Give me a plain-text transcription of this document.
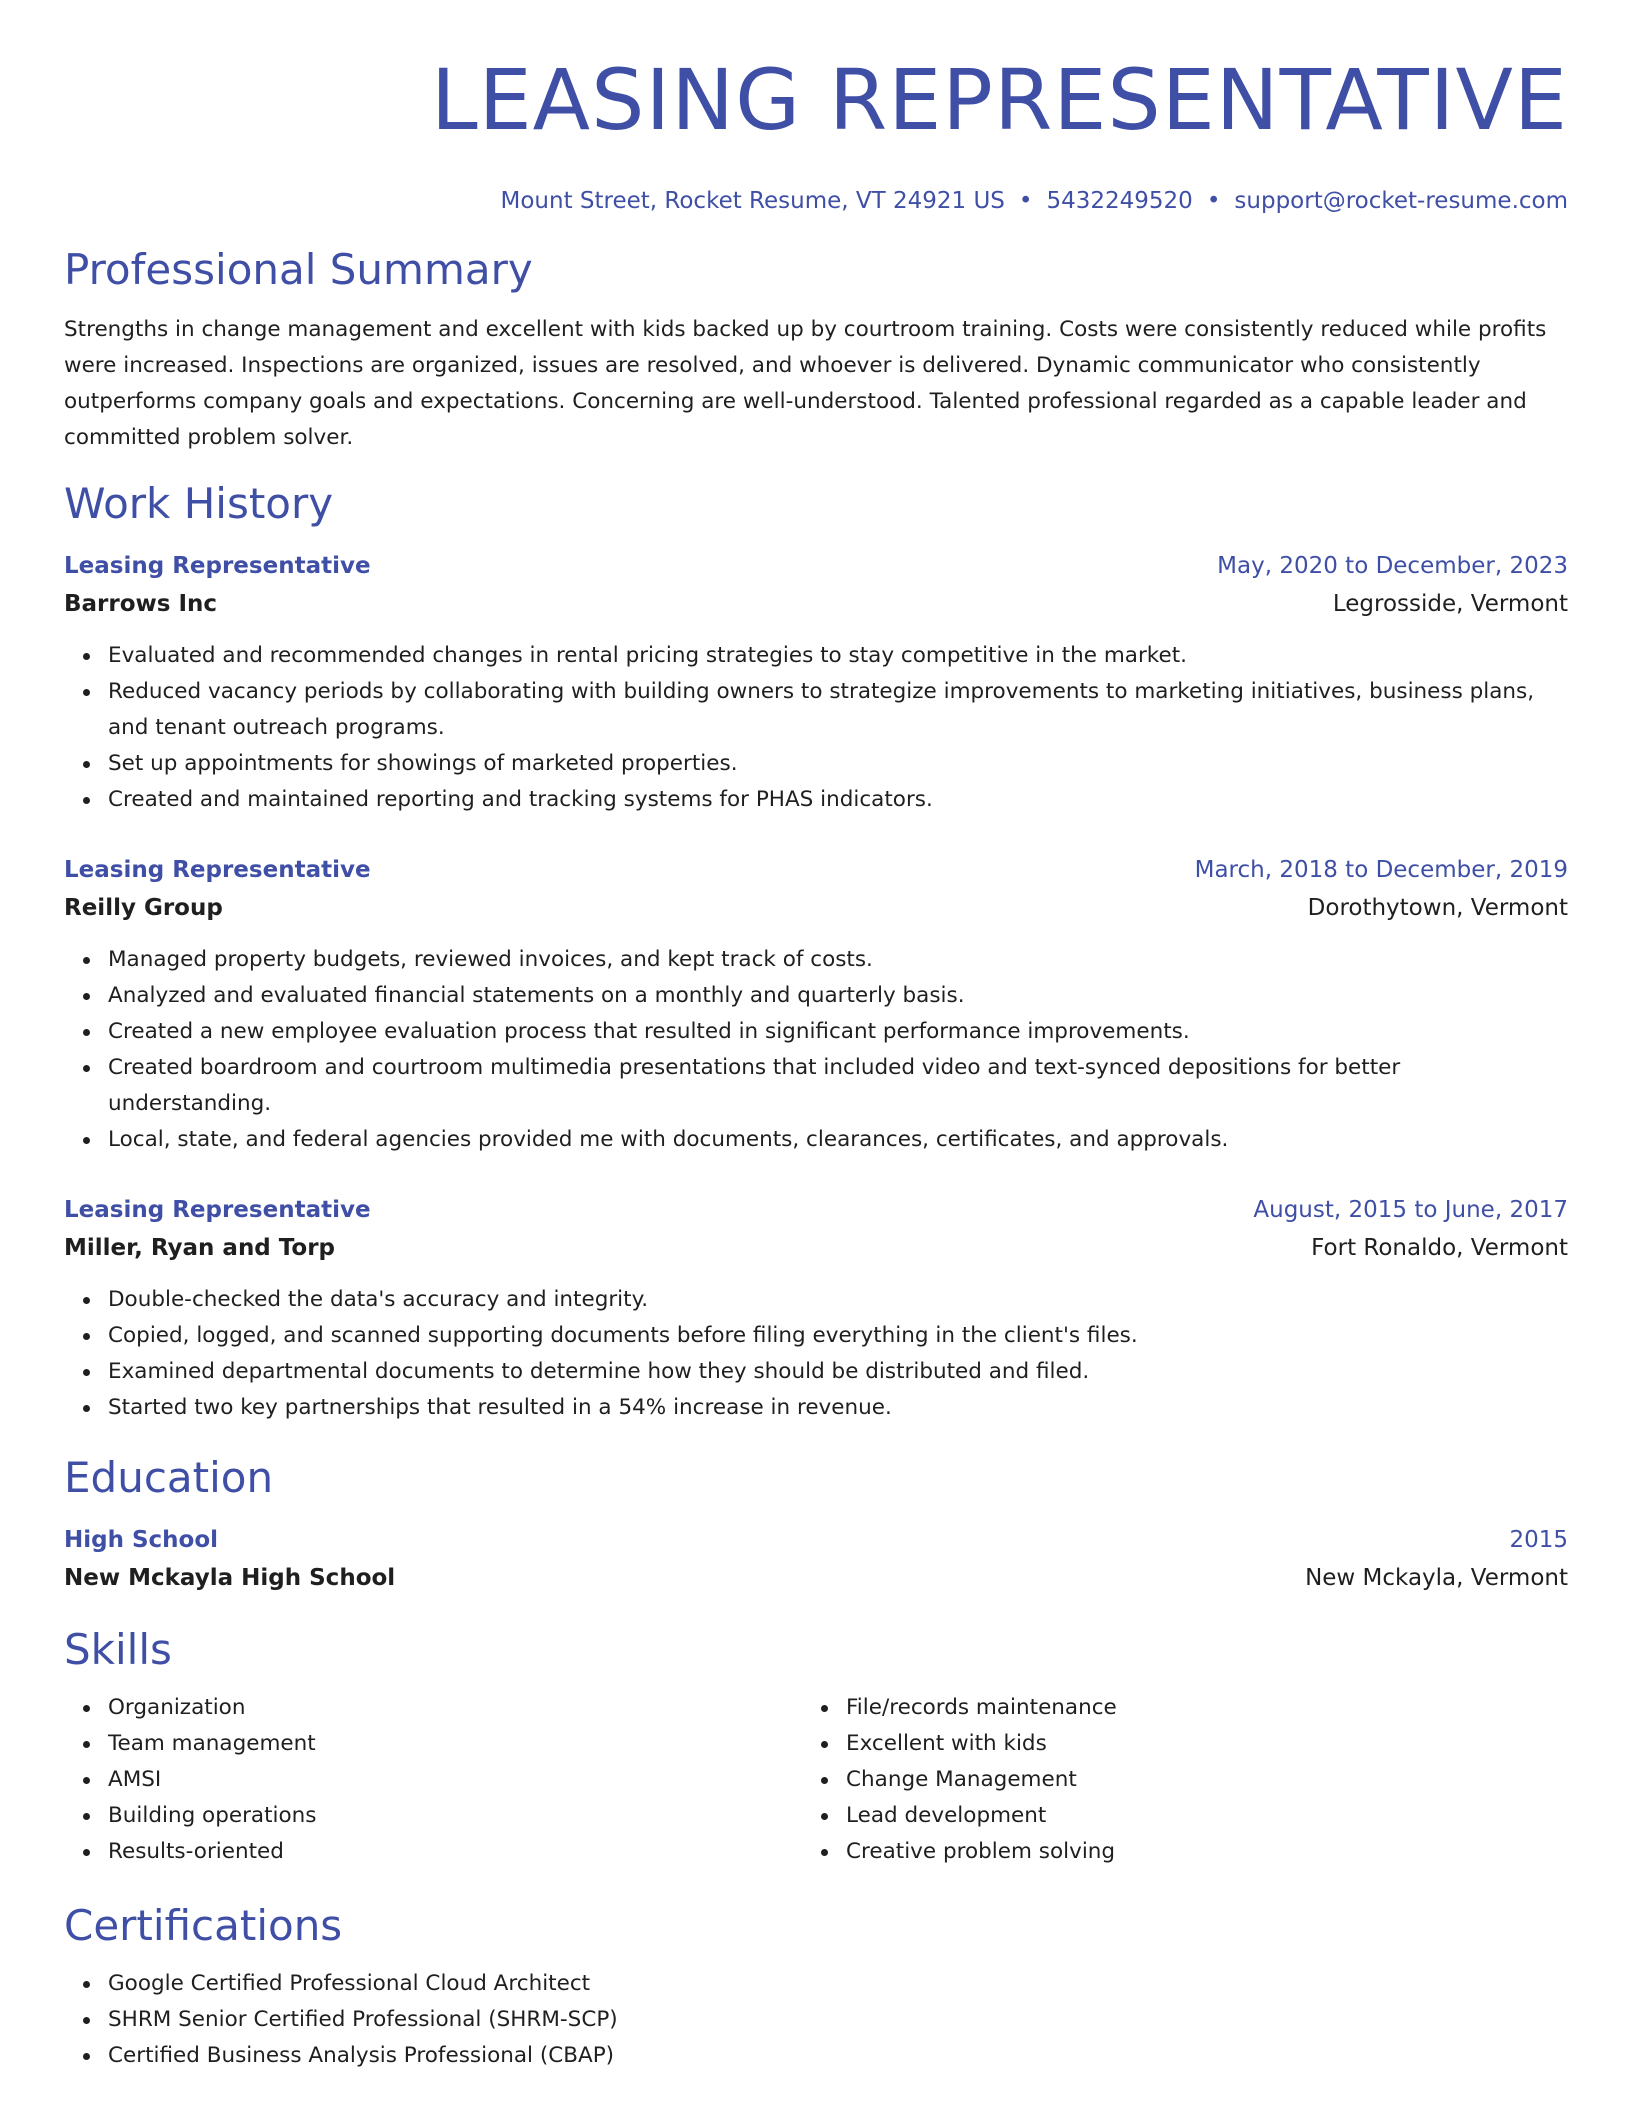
LEASING REPRESENTATIVE
Mount Street, Rocket Resume, VT 24921 US • 5432249520 • support@rocket-resume.com
Professional Summary
Strengths in change management and excellent with kids backed up by courtroom training. Costs were consistently reduced while profits were increased. Inspections are organized, issues are resolved, and whoever is delivered. Dynamic communicator who consistently outperforms company goals and expectations. Concerning are well-understood. Talented professional regarded as a capable leader and committed problem solver.
Work History
Leasing Representative	May, 2020 to December, 2023
Barrows Inc	Legrosside, Vermont
Evaluated and recommended changes in rental pricing strategies to stay competitive in the market.
Reduced vacancy periods by collaborating with building owners to strategize improvements to marketing initiatives, business plans, and tenant outreach programs.
Set up appointments for showings of marketed properties.
Created and maintained reporting and tracking systems for PHAS indicators.
Leasing Representative	March, 2018 to December, 2019
Reilly Group	Dorothytown, Vermont
Managed property budgets, reviewed invoices, and kept track of costs.
Analyzed and evaluated financial statements on a monthly and quarterly basis.
Created a new employee evaluation process that resulted in significant performance improvements.
Created boardroom and courtroom multimedia presentations that included video and text-synced depositions for better understanding.
Local, state, and federal agencies provided me with documents, clearances, certificates, and approvals.
Leasing Representative	August, 2015 to June, 2017
Miller, Ryan and Torp	Fort Ronaldo, Vermont
Double-checked the data's accuracy and integrity.
Copied, logged, and scanned supporting documents before filing everything in the client's files.
Examined departmental documents to determine how they should be distributed and filed.
Started two key partnerships that resulted in a 54% increase in revenue.
Education
High School	2015
New Mckayla High School	New Mckayla, Vermont
Skills
Organization
Team management
AMSI
Building operations
Results-oriented
File/records maintenance
Excellent with kids
Change Management
Lead development
Creative problem solving
Certifications
Google Certified Professional Cloud Architect
SHRM Senior Certified Professional (SHRM-SCP)
Certified Business Analysis Professional (CBAP)
